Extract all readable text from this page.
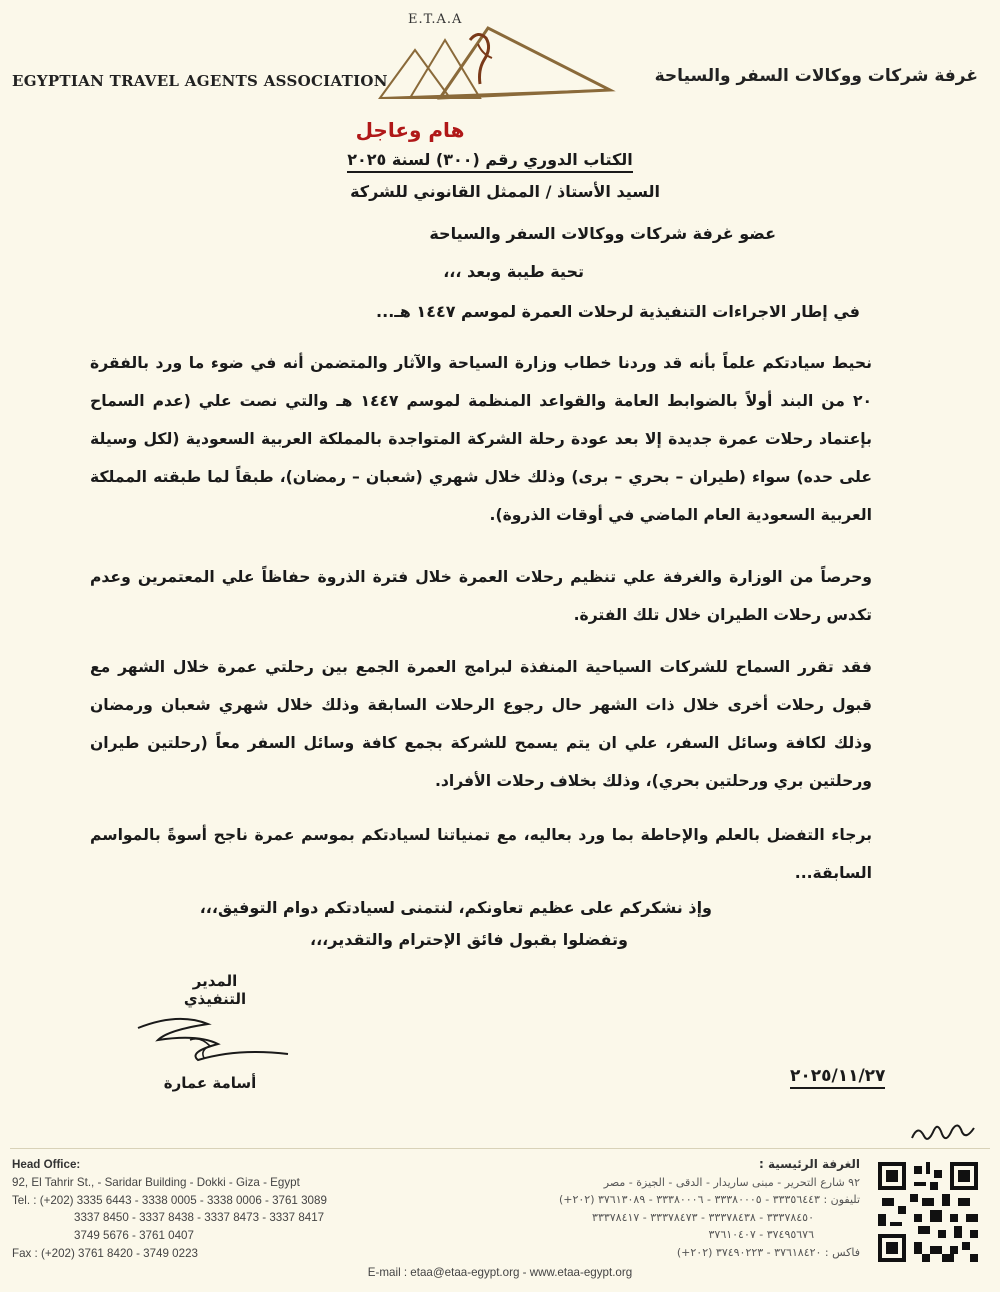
EGYPTIAN TRAVEL AGENTS ASSOCIATION	غرفة شركات ووكالات السفر والسياحة
E.T.A.A
هام وعاجل
الكتاب الدوري رقم (٣٠٠) لسنة ٢٠٢٥
السيد الأستاذ / الممثل القانوني للشركة
عضو غرفة شركات ووكالات السفر والسياحة
تحية طيبة وبعد ،،،
في إطار الاجراءات التنفيذية لرحلات العمرة لموسم ١٤٤٧ هـ...
نحيط سيادتكم علماً بأنه قد وردنا خطاب وزارة السياحة والآثار والمتضمن أنه في ضوء ما ورد بالفقرة ٢٠ من البند أولاً بالضوابط العامة والقواعد المنظمة لموسم ١٤٤٧ هـ والتي نصت علي (عدم السماح بإعتماد رحلات عمرة جديدة إلا بعد عودة رحلة الشركة المتواجدة بالمملكة العربية السعودية (لكل وسيلة على حده) سواء (طيران – بحري – برى) وذلك خلال شهري (شعبان – رمضان)، طبقاً لما طبقته المملكة العربية السعودية العام الماضي في أوقات الذروة).
وحرصاً من الوزارة والغرفة علي تنظيم رحلات العمرة خلال فترة الذروة حفاظاً علي المعتمرين وعدم تكدس رحلات الطيران خلال تلك الفترة.
فقد تقرر السماح للشركات السياحية المنفذة لبرامج العمرة الجمع بين رحلتي عمرة خلال الشهر مع قبول رحلات أخرى خلال ذات الشهر حال رجوع الرحلات السابقة وذلك خلال شهري شعبان ورمضان وذلك لكافة وسائل السفر، علي ان يتم يسمح للشركة بجمع كافة وسائل السفر معاً (رحلتين طيران ورحلتين بري ورحلتين بحري)، وذلك بخلاف رحلات الأفراد.
برجاء التفضل بالعلم والإحاطة بما ورد بعاليه، مع تمنياتنا لسيادتكم بموسم عمرة ناجح أسوةً بالمواسم السابقة...
وإذ نشكركم على عظيم تعاونكم، لنتمنى لسيادتكم دوام التوفيق،،،
وتفضلوا بقبول فائق الإحترام والتقدير،،،
المدير التنفيذي
أسامة عمارة	٢٠٢٥/١١/٢٧
Head Office:
92, El Tahrir St., - Saridar Building - Dokki - Giza - Egypt
Tel. : (+202) 3335 6443 - 3338 0005 - 3338 0006 - 3761 3089
3337 8450 - 3337 8438 - 3337 8473 - 3337 8417
3749 5676 - 3761 0407
Fax : (+202) 3761 8420 - 3749 0223
الغرفة الرئيسية :
٩٢ شارع التحرير - مبنى ساريدار - الدقى - الجيزة - مصر
تليفون : ٣٣٣٥٦٤٤٣ - ٣٣٣٨٠٠٠٥ - ٣٣٣٨٠٠٠٦ - ٣٧٦١٣٠٨٩ (٢٠٢+)
٣٣٣٧٨٤٥٠ - ٣٣٣٧٨٤٣٨ - ٣٣٣٧٨٤٧٣ - ٣٣٣٧٨٤١٧
٣٧٤٩٥٦٧٦ - ٣٧٦١٠٤٠٧
فاكس : ٣٧٦١٨٤٢٠ - ٣٧٤٩٠٢٢٣ (٢٠٢+)
E-mail : etaa@etaa-egypt.org - www.etaa-egypt.org
